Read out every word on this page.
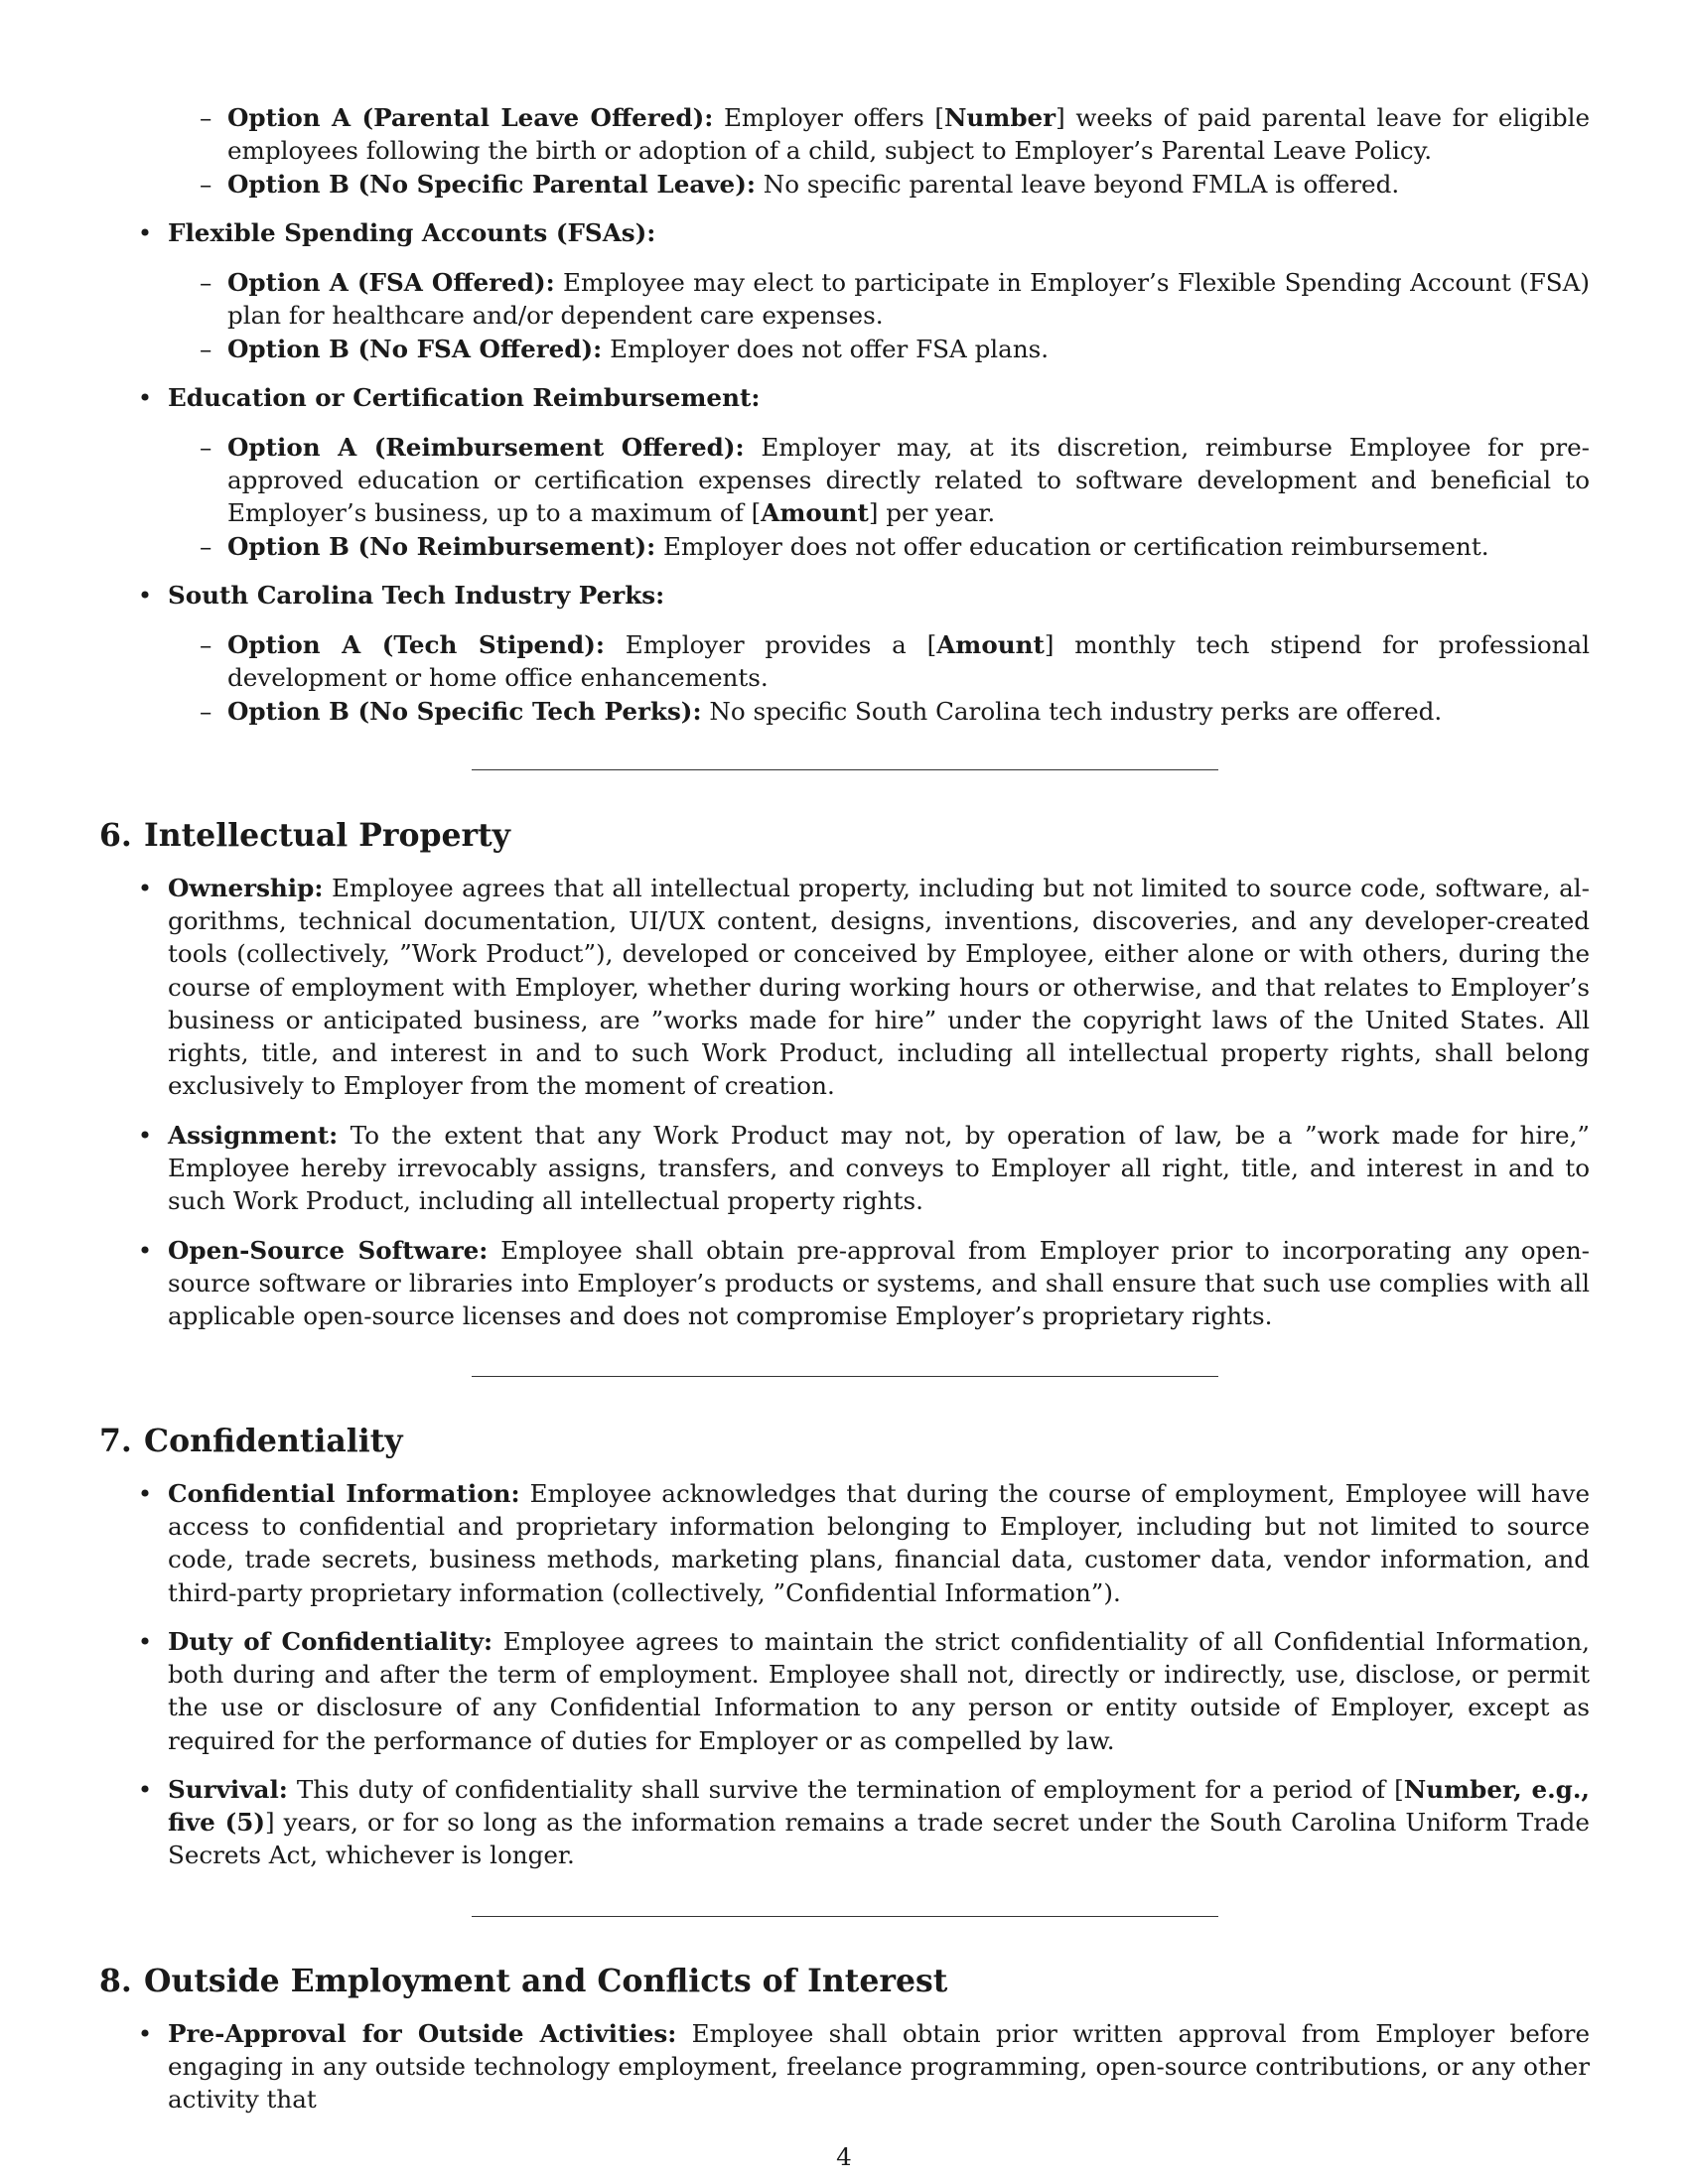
– Option A (Parental Leave Offered): Employer offers [Number] weeks of paid parental leave for eligible employees following the birth or adoption of a child, subject to Employer’s Parental Leave Policy.

– Option B (No Specific Parental Leave): No specific parental leave beyond FMLA is offered.

• Flexible Spending Accounts (FSAs):

– Option A (FSA Offered): Employee may elect to participate in Employer’s Flexible Spending Account (FSA) plan for healthcare and/or dependent care expenses.

– Option B (No FSA Offered): Employer does not offer FSA plans.

• Education or Certification Reimbursement:

– Option A (Reimbursement Offered): Employer may, at its discretion, reimburse Employee for pre-approved education or certification expenses directly related to software development and beneficial to Employer’s business, up to a maximum of [Amount] per year.

– Option B (No Reimbursement): Employer does not offer education or certification reimbursement.

• South Carolina Tech Industry Perks:

– Option A (Tech Stipend): Employer provides a [Amount] monthly tech stipend for professional development or home office enhancements.

– Option B (No Specific Tech Perks): No specific South Carolina tech industry perks are offered.

6. Intellectual Property
• Ownership: Employee agrees that all intellectual property, including but not limited to source code, software, al-gorithms, technical documentation, UI/UX content, designs, inventions, discoveries, and any developer-created tools (collectively, ”Work Product”), developed or conceived by Employee, either alone or with others, during the course of employment with Employer, whether during working hours or otherwise, and that relates to Employer’s business or anticipated business, are ”works made for hire” under the copyright laws of the United States. All rights, title, and interest in and to such Work Product, including all intellectual property rights, shall belong exclusively to Employer from the moment of creation.

• Assignment: To the extent that any Work Product may not, by operation of law, be a ”work made for hire,” Employee hereby irrevocably assigns, transfers, and conveys to Employer all right, title, and interest in and to such Work Product, including all intellectual property rights.

• Open-Source Software: Employee shall obtain pre-approval from Employer prior to incorporating any open-source software or libraries into Employer’s products or systems, and shall ensure that such use complies with all applicable open-source licenses and does not compromise Employer’s proprietary rights.

7. Confidentiality
• Confidential Information: Employee acknowledges that during the course of employment, Employee will have access to confidential and proprietary information belonging to Employer, including but not limited to source code, trade secrets, business methods, marketing plans, financial data, customer data, vendor information, and third-party proprietary information (collectively, ”Confidential Information”).

• Duty of Confidentiality: Employee agrees to maintain the strict confidentiality of all Confidential Information, both during and after the term of employment. Employee shall not, directly or indirectly, use, disclose, or permit the use or disclosure of any Confidential Information to any person or entity outside of Employer, except as required for the performance of duties for Employer or as compelled by law.

• Survival: This duty of confidentiality shall survive the termination of employment for a period of [Number, e.g., five (5)] years, or for so long as the information remains a trade secret under the South Carolina Uniform Trade Secrets Act, whichever is longer.

8. Outside Employment and Conflicts of Interest
• Pre-Approval for Outside Activities: Employee shall obtain prior written approval from Employer before engaging in any outside technology employment, freelance programming, open-source contributions, or any other activity that

4
